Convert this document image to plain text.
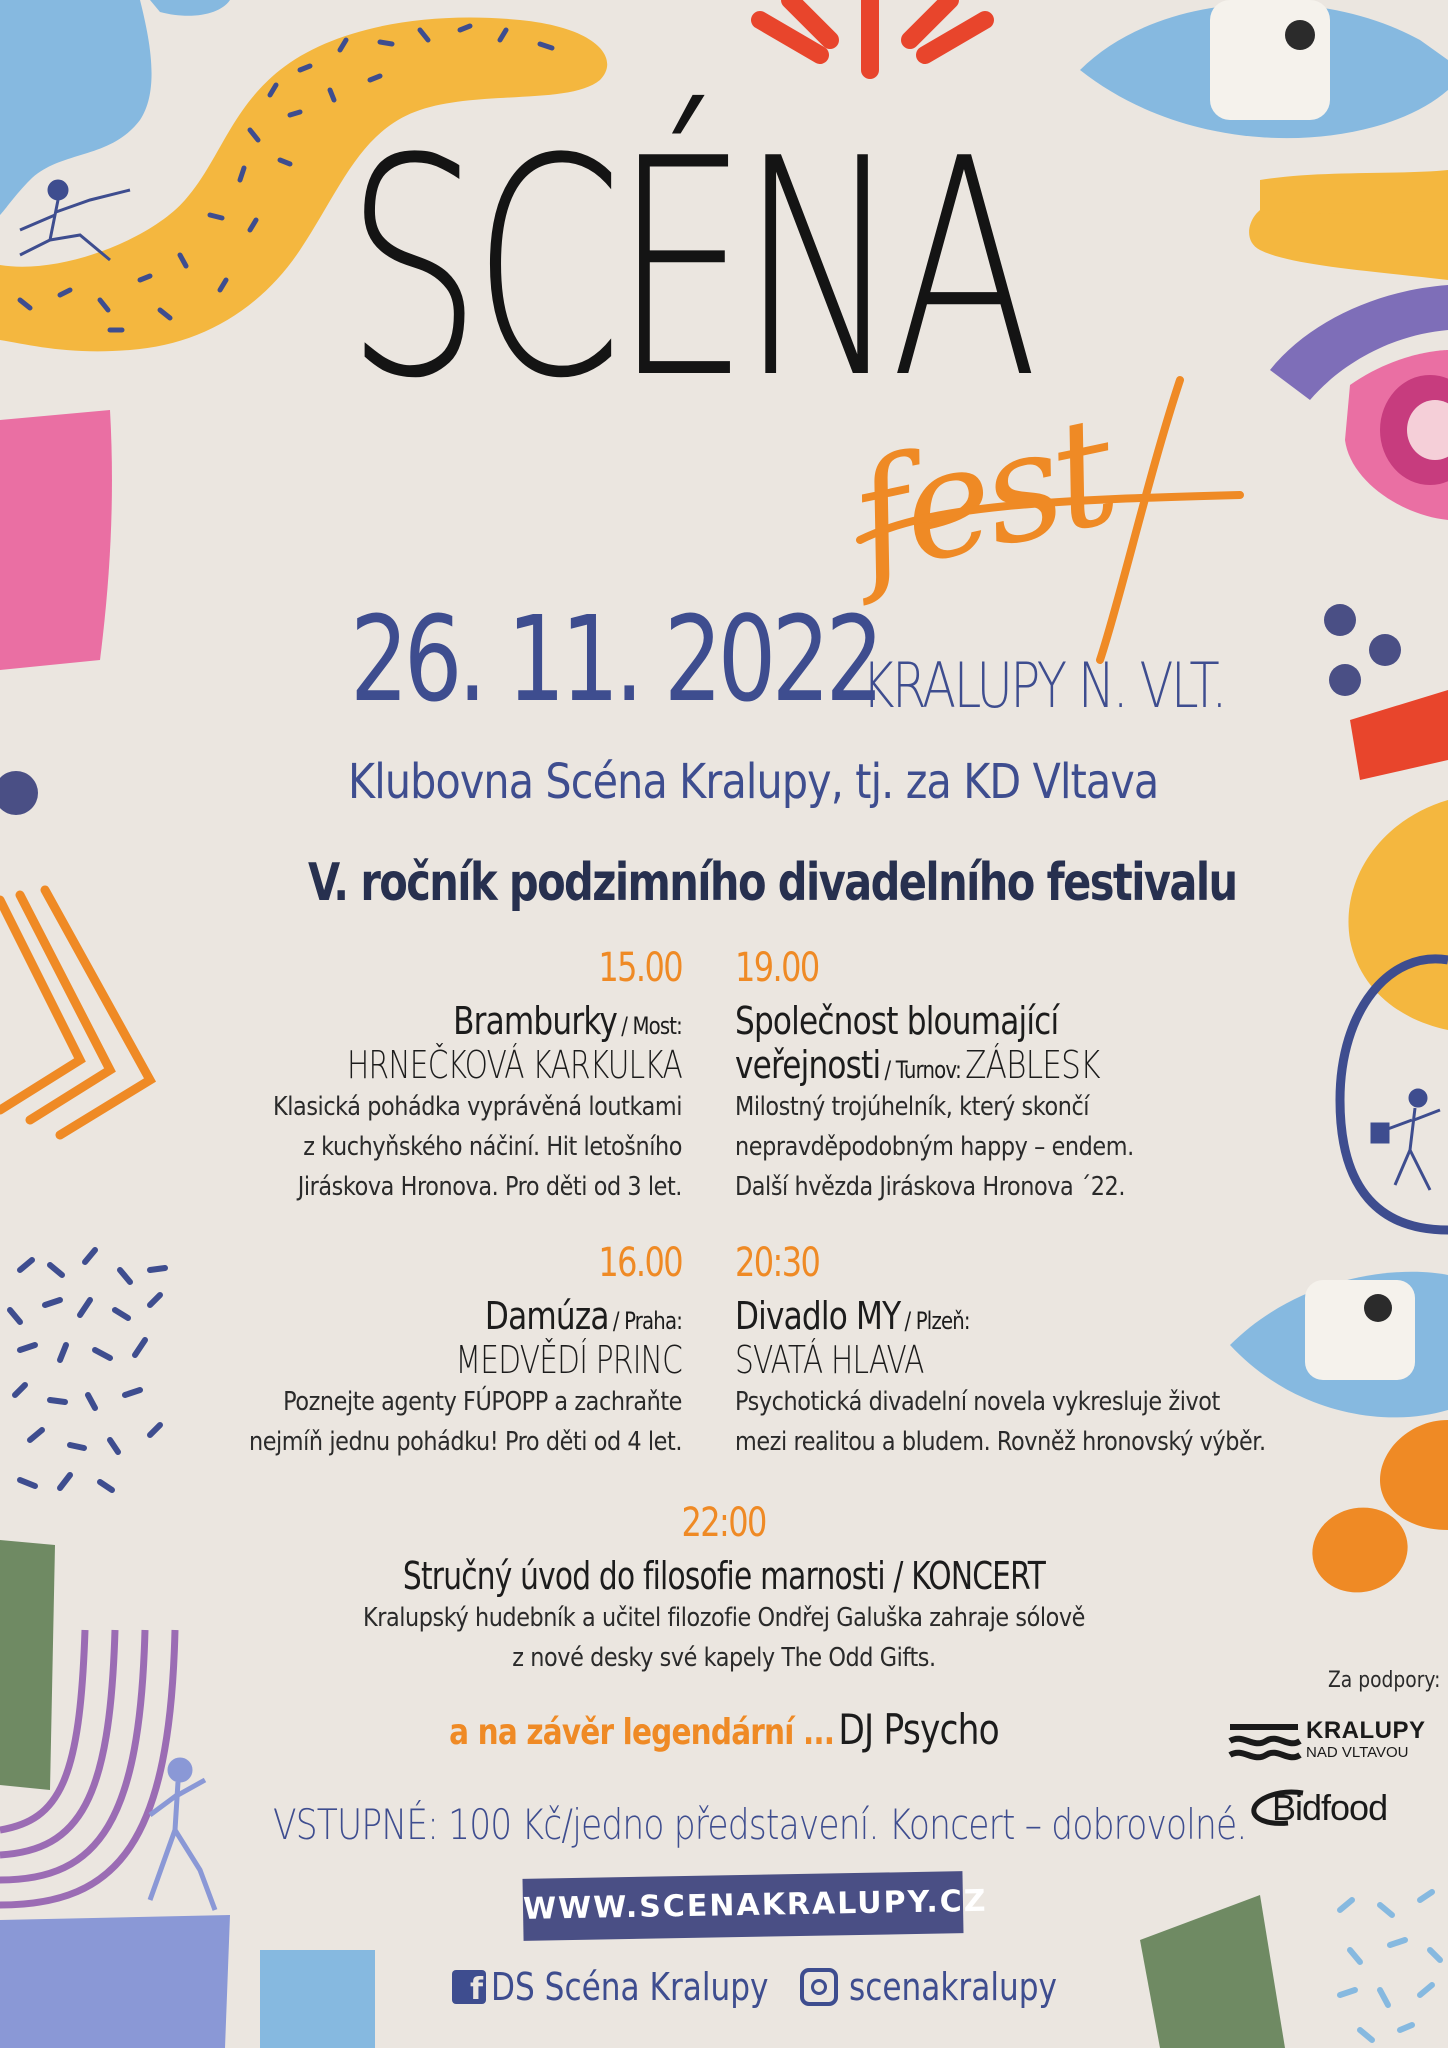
SCÉNA
fest
26. 11. 2022
KRALUPY N. VLT.
Klubovna Scéna Kralupy, tj. za KD Vltava
V. ročník podzimního divadelního festivalu
15.00
Bramburky / Most:
HRNEČKOVÁ KARKULKA
Klasická pohádka vyprávěná loutkami
z kuchyňského náčiní. Hit letošního
Jiráskova Hronova. Pro děti od 3 let.
16.00
Damúza / Praha:
MEDVĚDÍ PRINC
Poznejte agenty FÚPOPP a zachraňte
nejmíň jednu pohádku! Pro děti od 4 let.
19.00
Společnost bloumající
veřejnosti / Turnov: ZÁBLESK
Milostný trojúhelník, který skončí
nepravděpodobným happy – endem.
Další hvězda Jiráskova Hronova ´22.
20:30
Divadlo MY / Plzeň:
SVATÁ HLAVA
Psychotická divadelní novela vykresluje život
mezi realitou a bludem. Rovněž hronovský výběr.
22:00
Stručný úvod do filosofie marnosti / KONCERT
Kralupský hudebník a učitel filozofie Ondřej Galuška zahraje sólově
z nové desky své kapely The Odd Gifts.
a na závěr legendární ... DJ Psycho
VSTUPNÉ: 100 Kč/jedno představení. Koncert – dobrovolné.
WWW.SCENAKRALUPY.CZ
f DS Scéna Kralupy	scenakralupy
Za podpory:
KRALUPY
NAD VLTAVOU
Bidfood
